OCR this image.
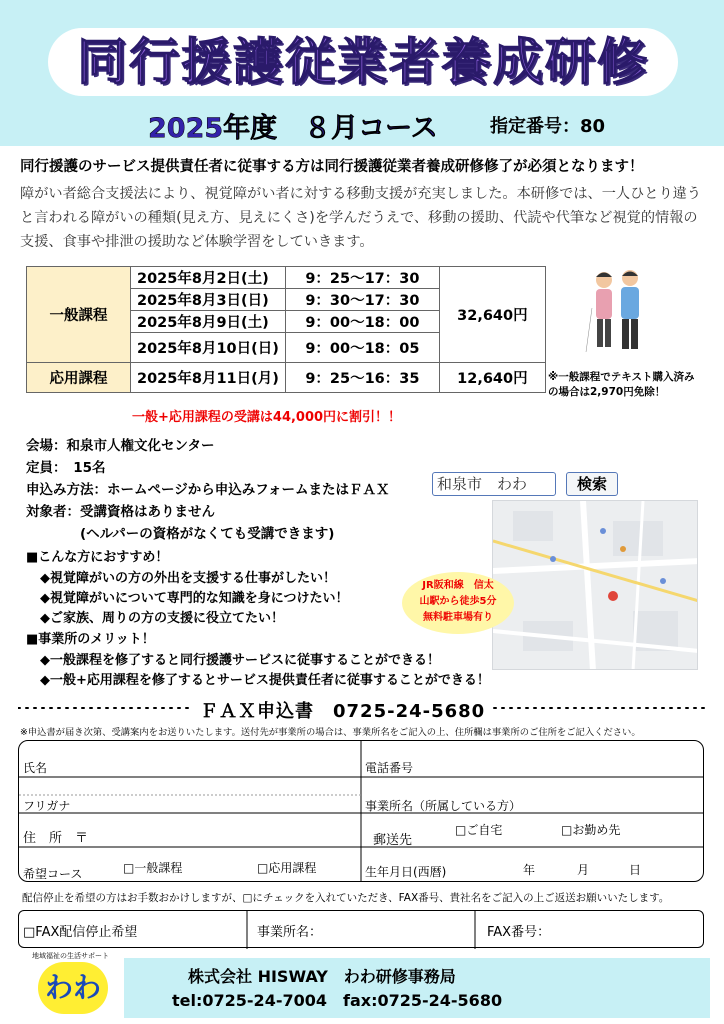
同行援護従業者養成研修
2025年度　８月コース	指定番号：80
同行援護のサービス提供責任者に従事する方は同行援護従業者養成研修修了が必須となります！
障がい者総合支援法により、視覚障がい者に対する移動支援が充実しました。本研修では、一人ひとり違うと言われる障がいの種類(見え方、見えにくさ)を学んだうえで、移動の援助、代読や代筆など視覚的情報の支援、食事や排泄の援助など体験学習をしていきます。
一般課程	2025年8月2日(土)	9：25～17：30	32,640円
	2025年8月3日(日)	9：30～17：30	
	2025年8月9日(土)	9：00～18：00	
	2025年8月10日(日)	9：00～18：05	
応用課程	2025年8月11日(月)	9：25～16：35	12,640円 ※一般課程でテキスト購入済み
の場合は2,970円免除！
一般+応用課程の受講は44,000円に割引！！
会場：和泉市人権文化センター
定員：　15名
申込み方法：ホームページから申込みフォームまたはＦＡＸ
対象者：受講資格はありません
(ヘルパーの資格がなくても受講できます)
和泉市　わわ	検索
JR阪和線　信太
山駅から徒歩5分
無料駐車場有り
■こんな方におすすめ！
◆視覚障がいの方の外出を支援する仕事がしたい！
◆視覚障がいについて専門的な知識を身につけたい！
◆ご家族、周りの方の支援に役立てたい！
■事業所のメリット！
◆一般課程を修了すると同行援護サービスに従事することができる！
◆一般+応用課程を修了するとサービス提供責任者に従事することができる！
ＦＡＸ申込書　0725-24-5680
※申込書が届き次第、受講案内をお送りいたします。送付先が事業所の場合は、事業所名をご記入の上、住所欄は事業所のご住所をご記入ください。
氏名	電話番号
フリガナ	事業所名（所属している方）
住　所　〒	郵送先
□ご自宅	□お勤め先
希望コース	□一般課程	□応用課程	生年月日(西暦)	年	月	日
配信停止を希望の方はお手数おかけしますが、□にチェックを入れていただき、FAX番号、貴社名をご記入の上ご返送お願いいたします。
□FAX配信停止希望	事業所名：	FAX番号：
地域福祉の生活サポート
わわ	株式会社 HISWAY　わわ研修事務局
tel:0725-24-7004　fax:0725-24-5680
